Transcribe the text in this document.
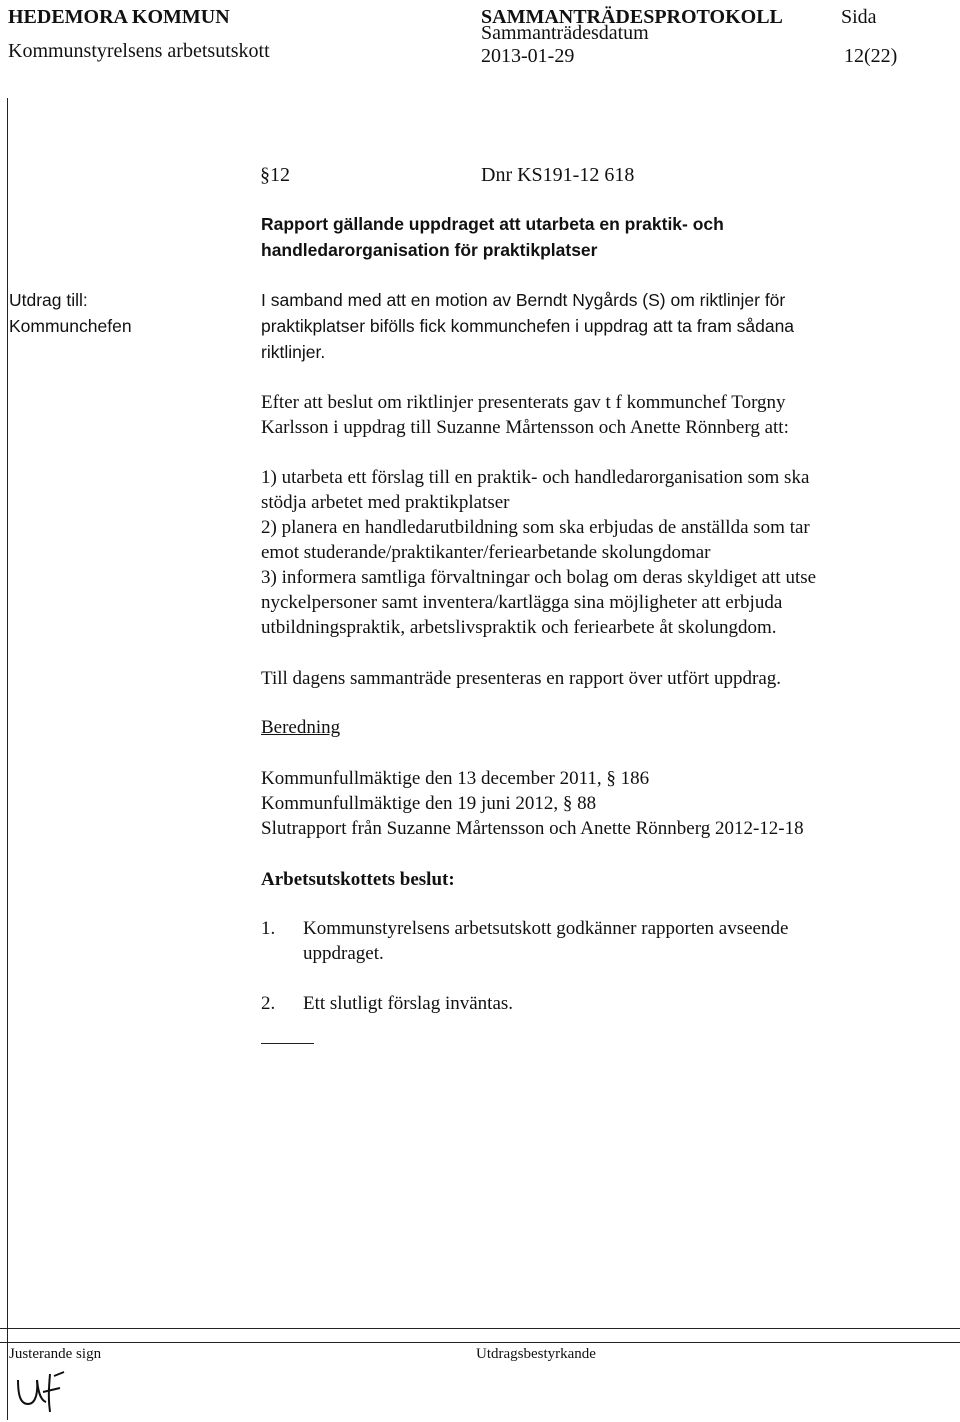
HEDEMORA KOMMUN
Kommunstyrelsens arbetsutskott
SAMMANTRÄDESPROTOKOLL
Sammanträdesdatum
2013-01-29
Sida
12(22)
§12	Dnr KS191-12 618
Rapport gällande uppdraget att utarbeta en praktik- och
handledarorganisation för praktikplatser
Utdrag till:
Kommunchefen
I samband med att en motion av Berndt Nygårds (S) om riktlinjer för
praktikplatser bifölls fick kommunchefen i uppdrag att ta fram sådana
riktlinjer.
Efter att beslut om riktlinjer presenterats gav t f kommunchef Torgny
Karlsson i uppdrag till Suzanne Mårtensson och Anette Rönnberg att:
1) utarbeta ett förslag till en praktik- och handledarorganisation som ska
stödja arbetet med praktikplatser
2) planera en handledarutbildning som ska erbjudas de anställda som tar
emot studerande/praktikanter/feriearbetande skolungdomar
3) informera samtliga förvaltningar och bolag om deras skyldiget att utse
nyckelpersoner samt inventera/kartlägga sina möjligheter att erbjuda
utbildningspraktik, arbetslivspraktik och feriearbete åt skolungdom.
Till dagens sammanträde presenteras en rapport över utfört uppdrag.
Beredning
Kommunfullmäktige den 13 december 2011, § 186
Kommunfullmäktige den 19 juni 2012, § 88
Slutrapport från Suzanne Mårtensson och Anette Rönnberg 2012-12-18
Arbetsutskottets beslut:
1. Kommunstyrelsens arbetsutskott godkänner rapporten avseende
uppdraget.
2. Ett slutligt förslag inväntas.
Justerande sign	Utdragsbestyrkande
